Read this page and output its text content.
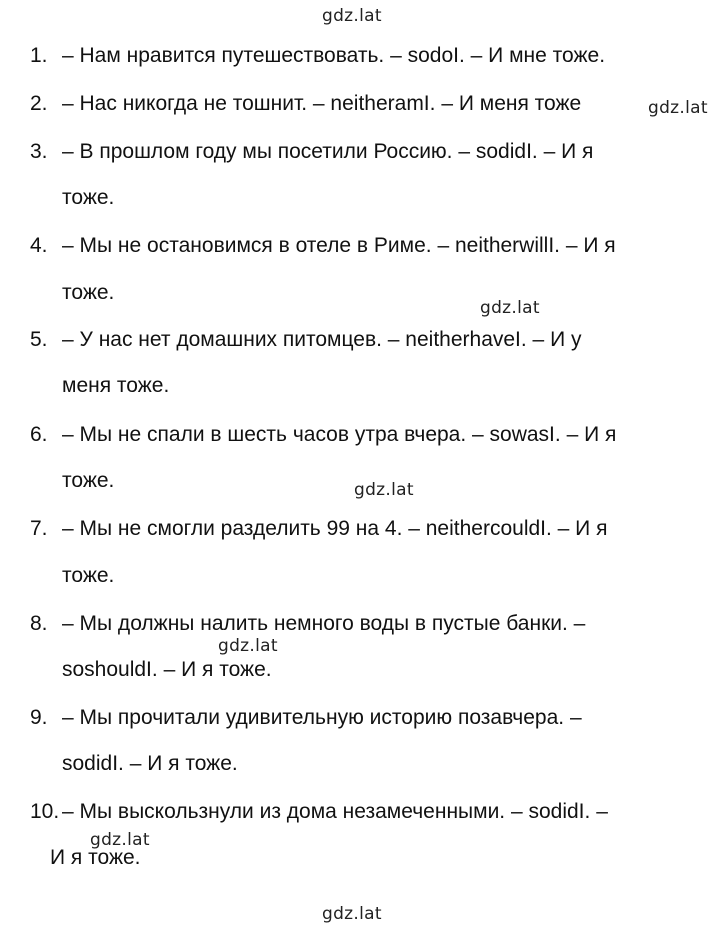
gdz.lat
gdz.lat
gdz.lat
gdz.lat
gdz.lat
gdz.lat
gdz.lat
1. – Нам нравится путешествовать. – sodoI. – И мне тоже.
2. – Нас никогда не тошнит. – neitheramI. – И меня тоже
3. – В прошлом году мы посетили Россию. – sodidI. – И я
тоже.
4. – Мы не остановимся в отеле в Риме. – neitherwillI. – И я
тоже.
5. – У нас нет домашних питомцев. – neitherhaveI. – И у
меня тоже.
6. – Мы не спали в шесть часов утра вчера. – sowasI. – И я
тоже.
7. – Мы не смогли разделить 99 на 4. – neithercouldI. – И я
тоже.
8. – Мы должны налить немного воды в пустые банки. –
soshouldI. – И я тоже.
9. – Мы прочитали удивительную историю позавчера. –
sodidI. – И я тоже.
10. – Мы выскользнули из дома незамеченными. – sodidI. –
И я тоже.
